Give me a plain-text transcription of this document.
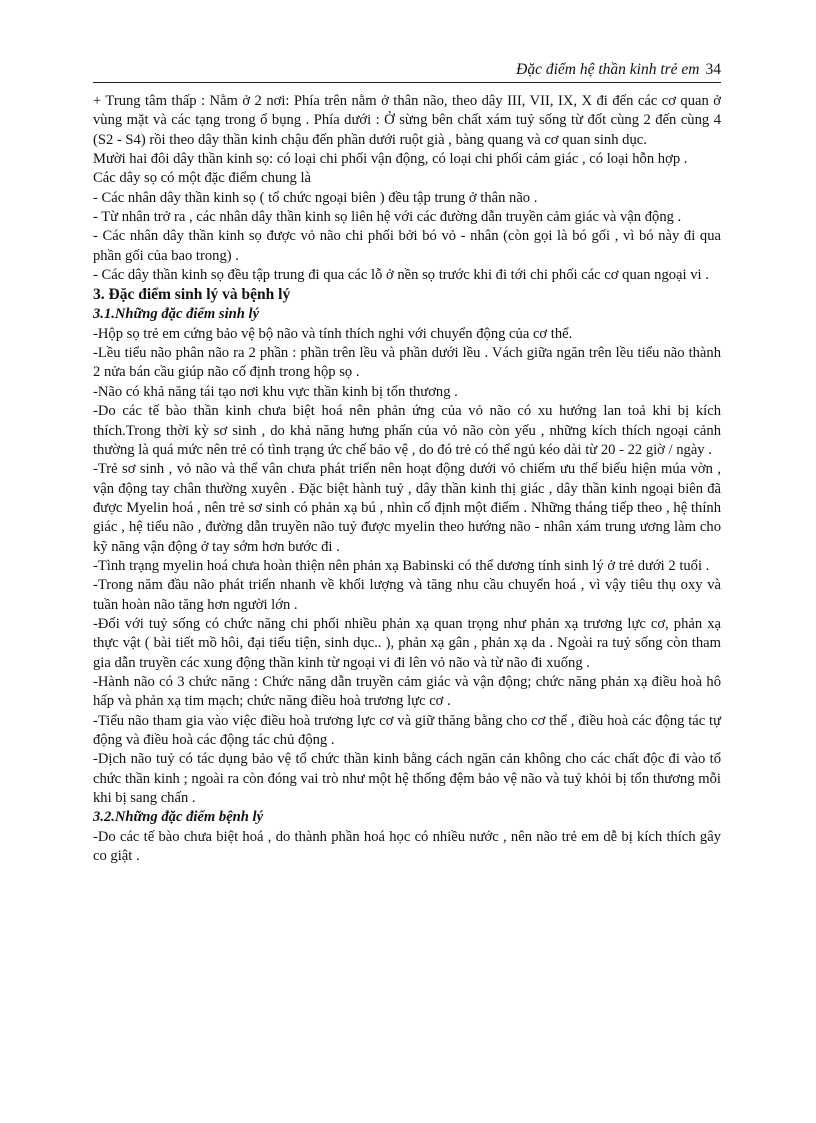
Đặc điểm hệ thần kinh trẻ em 34

+ Trung tâm thấp : Nằm ở 2 nơi: Phía trên nằm ở thân não, theo dây III, VII, IX, X đi đến các cơ quan ở vùng mặt và các tạng trong ổ bụng . Phía dưới : Ở sừng bên chất xám tuỷ sống từ đốt cùng 2 đến cùng 4 (S2 - S4) rồi theo dây thần kinh chậu đến phần dưới ruột già , bàng quang và cơ quan sinh dục.

Mười hai đôi dây thần kinh sọ: có loại chi phối vận động, có loại chi phối cảm giác , có loại hỗn hợp .

Các dây sọ có một đặc điểm chung là

- Các nhân dây thần kinh sọ ( tổ chức ngoại biên ) đều tập trung ở thân não .

- Từ nhân trở ra , các nhân dây thần kinh sọ liên hệ với các đường dẫn truyền cảm giác và vận động .

- Các nhân dây thần kinh sọ được vỏ não chi phối bởi bó vỏ - nhân (còn gọi là bó gối , vì bó này đi qua phần gối của bao trong) .

- Các dây thần kinh sọ đều tập trung đi qua các lỗ ở nền sọ trước khi đi tới chi phối các cơ quan ngoại vi .

3. Đặc điểm sinh lý và bệnh lý
3.1.Những đặc điểm sinh lý

-Hộp sọ trẻ em cứng bảo vệ bộ não và tính thích nghi với chuyển động của cơ thể.

-Lều tiểu não phân não ra 2 phần : phần trên lều và phần dưới lều . Vách giữa ngăn trên lều tiểu não thành 2 nửa bán cầu giúp não cố định trong hộp sọ .

-Não có khả năng tái tạo nơi khu vực thần kinh bị tổn thương .

-Do các tế bào thần kinh chưa biệt hoá nên phản ứng của vỏ não có xu hướng lan toả khi bị kích thích.Trong thời kỳ sơ sinh , do khả năng hưng phấn của vỏ não còn yếu , những kích thích ngoại cảnh thường là quá mức nên trẻ có tình trạng ức chế bảo vệ , do đó trẻ có thể ngủ kéo dài từ 20 - 22 giờ / ngày .

-Trẻ sơ sinh , vỏ não và thể vân chưa phát triển nên hoạt động dưới vỏ chiếm ưu thế biểu hiện múa vờn , vận động tay chân thường xuyên . Đặc biệt hành tuỷ , dây thần kinh thị giác , dây thần kinh ngoại biên đã được Myelin hoá , nên trẻ sơ sinh có phản xạ bú , nhìn cố định một điểm . Những tháng tiếp theo , hệ thính giác , hệ tiểu não , đường dẫn truyền não tuỷ được myelin theo hướng não - nhân xám trung ương làm cho kỹ năng vận động ở tay sớm hơn bước đi .

-Tình trạng myelin hoá chưa hoàn thiện nên phản xạ Babinski có thể dương tính sinh lý ở trẻ dưới 2 tuổi .

-Trong năm đầu não phát triển nhanh về khối lượng và tăng nhu cầu chuyển hoá , vì vậy tiêu thụ oxy và tuần hoàn não tăng hơn người lớn .

-Đối với tuỷ sống có chức năng chi phối nhiều phản xạ quan trọng như phản xạ trương lực cơ, phản xạ thực vật ( bài tiết mồ hôi, đại tiểu tiện, sinh dục.. ), phản xạ gân , phản xạ da . Ngoài ra tuỷ sống còn tham gia dẫn truyền các xung động thần kinh từ ngoại vi đi lên vỏ não và từ não đi xuống .

-Hành não có 3 chức năng : Chức năng dẫn truyền cảm giác và vận động; chức năng phản xạ điều hoà hô hấp và phản xạ tim mạch; chức năng điều hoà trương lực cơ .

-Tiểu não tham gia vào việc điều hoà trương lực cơ và giữ thăng bằng cho cơ thể , điều hoà các động tác tự động và điều hoà các động tác chủ động .

-Dịch não tuỷ có tác dụng bảo vệ tổ chức thần kinh bằng cách ngăn cản không cho các chất độc đi vào tổ chức thần kinh ; ngoài ra còn đóng vai trò như một hệ thống đệm bảo vệ não và tuỷ khỏi bị tổn thương mỗi khi bị sang chấn .

3.2.Những đặc điểm bệnh lý

-Do các tế bào chưa biệt hoá , do thành phần hoá học có nhiều nước , nên não trẻ em dễ bị kích thích gây co giật .
